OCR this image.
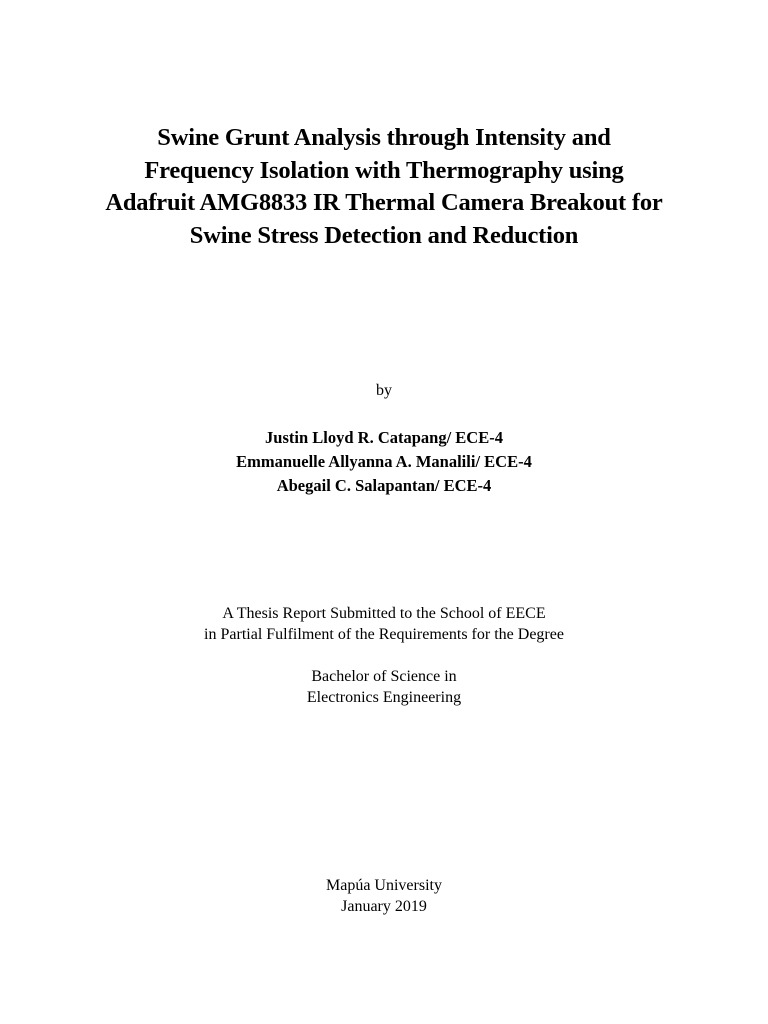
Swine Grunt Analysis through Intensity and
Frequency Isolation with Thermography using
Adafruit AMG8833 IR Thermal Camera Breakout for
Swine Stress Detection and Reduction
by
Justin Lloyd R. Catapang/ ECE-4
Emmanuelle Allyanna A. Manalili/ ECE-4
Abegail C. Salapantan/ ECE-4
A Thesis Report Submitted to the School of EECE
in Partial Fulfilment of the Requirements for the Degree
Bachelor of Science in
Electronics Engineering
Mapúa University
January 2019
